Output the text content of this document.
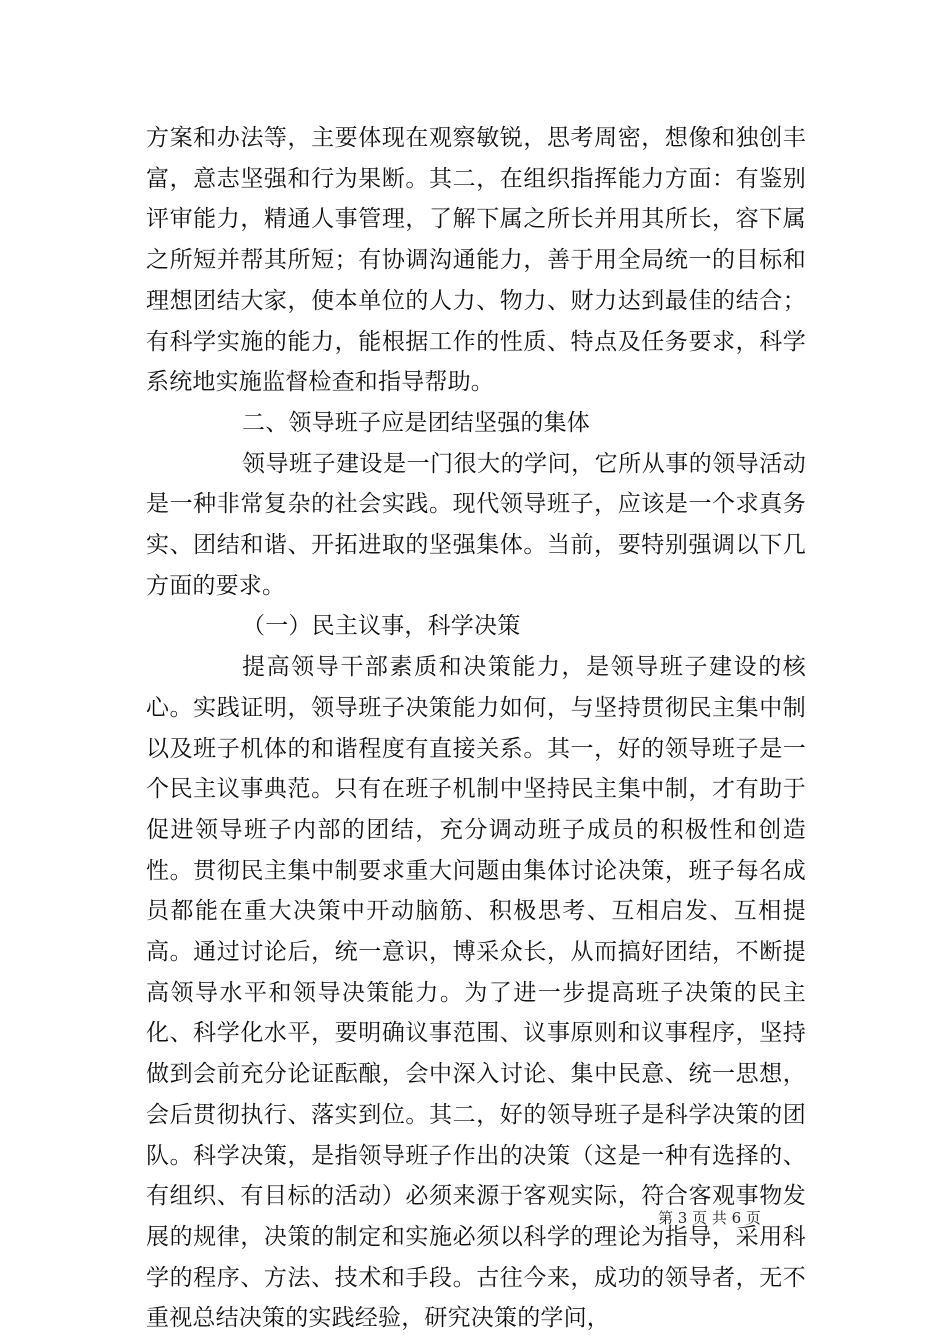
方案和办法等，主要体现在观察敏锐，思考周密，想像和独创丰富，意志坚强和行为果断。其二，在组织指挥能力方面：有鉴别评审能力，精通人事管理，了解下属之所长并用其所长，容下属之所短并帮其所短；有协调沟通能力，善于用全局统一的目标和理想团结大家，使本单位的人力、物力、财力达到最佳的结合；有科学实施的能力，能根据工作的性质、特点及任务要求，科学系统地实施监督检查和指导帮助。

二、领导班子应是团结坚强的集体

领导班子建设是一门很大的学问，它所从事的领导活动是一种非常复杂的社会实践。现代领导班子，应该是一个求真务实、团结和谐、开拓进取的坚强集体。当前，要特别强调以下几方面的要求。

（一）民主议事，科学决策

提高领导干部素质和决策能力，是领导班子建设的核心。实践证明，领导班子决策能力如何，与坚持贯彻民主集中制以及班子机体的和谐程度有直接关系。其一，好的领导班子是一个民主议事典范。只有在班子机制中坚持民主集中制，才有助于促进领导班子内部的团结，充分调动班子成员的积极性和创造性。贯彻民主集中制要求重大问题由集体讨论决策，班子每名成员都能在重大决策中开动脑筋、积极思考、互相启发、互相提高。通过讨论后，统一意识，博采众长，从而搞好团结，不断提高领导水平和领导决策能力。为了进一步提高班子决策的民主化、科学化水平，要明确议事范围、议事原则和议事程序，坚持做到会前充分论证酝酿，会中深入讨论、集中民意、统一思想，会后贯彻执行、落实到位。其二，好的领导班子是科学决策的团队。科学决策，是指领导班子作出的决策（这是一种有选择的、有组织、有目标的活动）必须来源于客观实际，符合客观事物发展的规律，决策的制定和实施必须以科学的理论为指导，采用科学的程序、方法、技术和手段。古往今来，成功的领导者，无不重视总结决策的实践经验，研究决策的学问，

第 3 页 共 6 页
